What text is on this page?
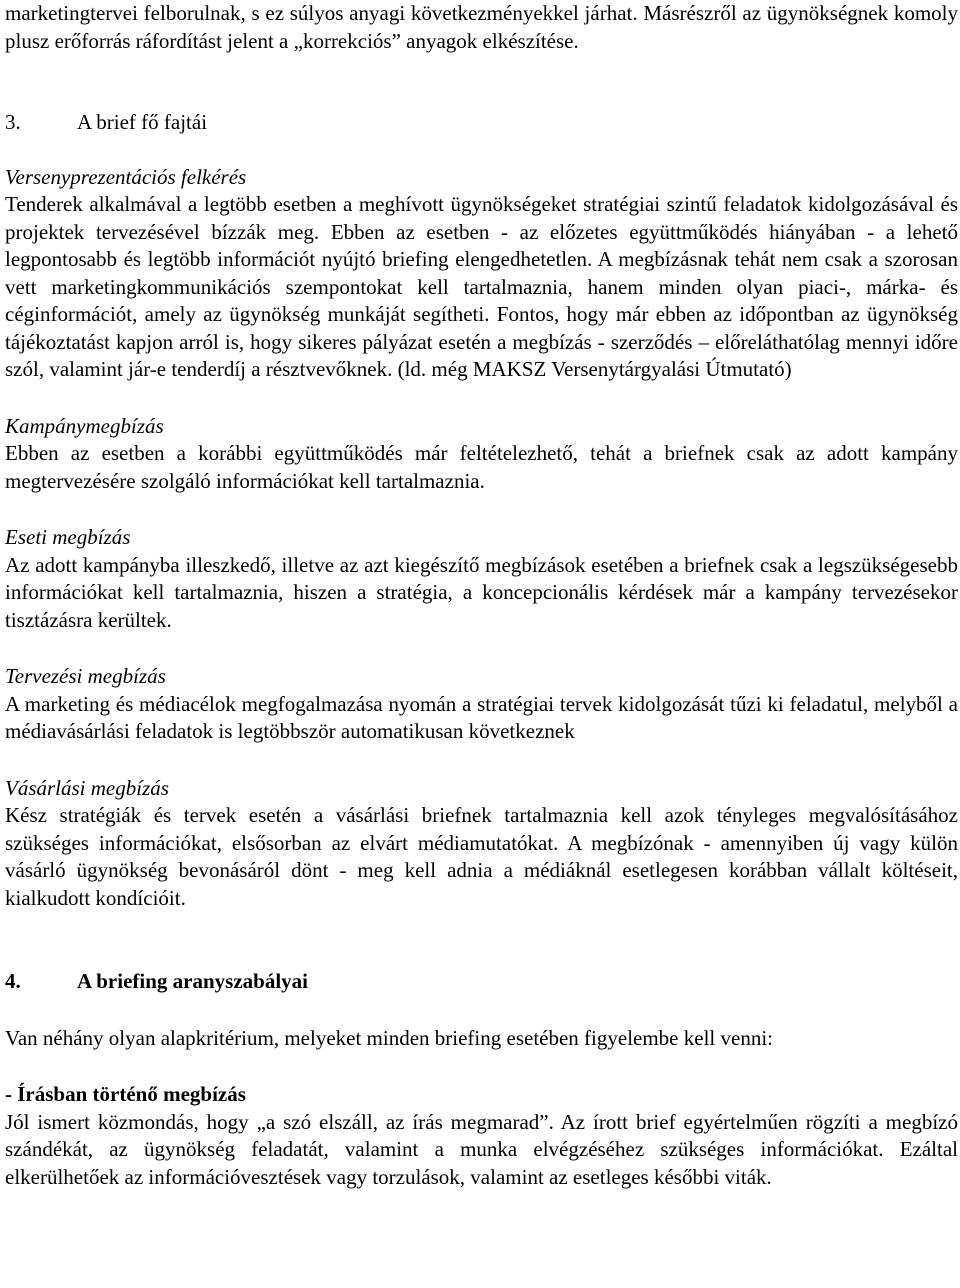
marketingtervei felborulnak, s ez súlyos anyagi következményekkel járhat. Másrészről az ügynökségnek komoly plusz erőforrás ráfordítást jelent a „korrekciós” anyagok elkészítése.

3.	A brief fő fajtái

Versenyprezentációs felkérés

Tenderek alkalmával a legtöbb esetben a meghívott ügynökségeket stratégiai szintű feladatok kidolgozásával és projektek tervezésével bízzák meg. Ebben az esetben - az előzetes együttműködés hiányában - a lehető legpontosabb és legtöbb információt nyújtó briefing elengedhetetlen. A megbízásnak tehát nem csak a szorosan vett marketingkommunikációs szempontokat kell tartalmaznia, hanem minden olyan piaci-, márka- és céginformációt, amely az ügynökség munkáját segítheti. Fontos, hogy már ebben az időpontban az ügynökség tájékoztatást kapjon arról is, hogy sikeres pályázat esetén a megbízás - szerződés – előreláthatólag mennyi időre szól, valamint jár-e tenderdíj a résztvevőknek. (ld. még MAKSZ Versenytárgyalási Útmutató)

Kampánymegbízás

Ebben az esetben a korábbi együttműködés már feltételezhető, tehát a briefnek csak az adott kampány megtervezésére szolgáló információkat kell tartalmaznia.

Eseti megbízás

Az adott kampányba illeszkedő, illetve az azt kiegészítő megbízások esetében a briefnek csak a legszükségesebb információkat kell tartalmaznia, hiszen a stratégia, a koncepcionális kérdések már a kampány tervezésekor tisztázásra kerültek.

Tervezési megbízás

A marketing és médiacélok megfogalmazása nyomán a stratégiai tervek kidolgozását tűzi ki feladatul, melyből a médiavásárlási feladatok is legtöbbször automatikusan következnek

Vásárlási megbízás

Kész stratégiák és tervek esetén a vásárlási briefnek tartalmaznia kell azok tényleges megvalósításához szükséges információkat, elsősorban az elvárt médiamutatókat. A megbízónak - amennyiben új vagy külön vásárló ügynökség bevonásáról dönt - meg kell adnia a médiáknál esetlegesen korábban vállalt költéseit, kialkudott kondícióit.

4.	A briefing aranyszabályai

Van néhány olyan alapkritérium, melyeket minden briefing esetében figyelembe kell venni:

- Írásban történő megbízás

Jól ismert közmondás, hogy „a szó elszáll, az írás megmarad”. Az írott brief egyértelműen rögzíti a megbízó szándékát, az ügynökség feladatát, valamint a munka elvégzéséhez szükséges információkat. Ezáltal elkerülhetőek az információvesztések vagy torzulások, valamint az esetleges későbbi viták.
